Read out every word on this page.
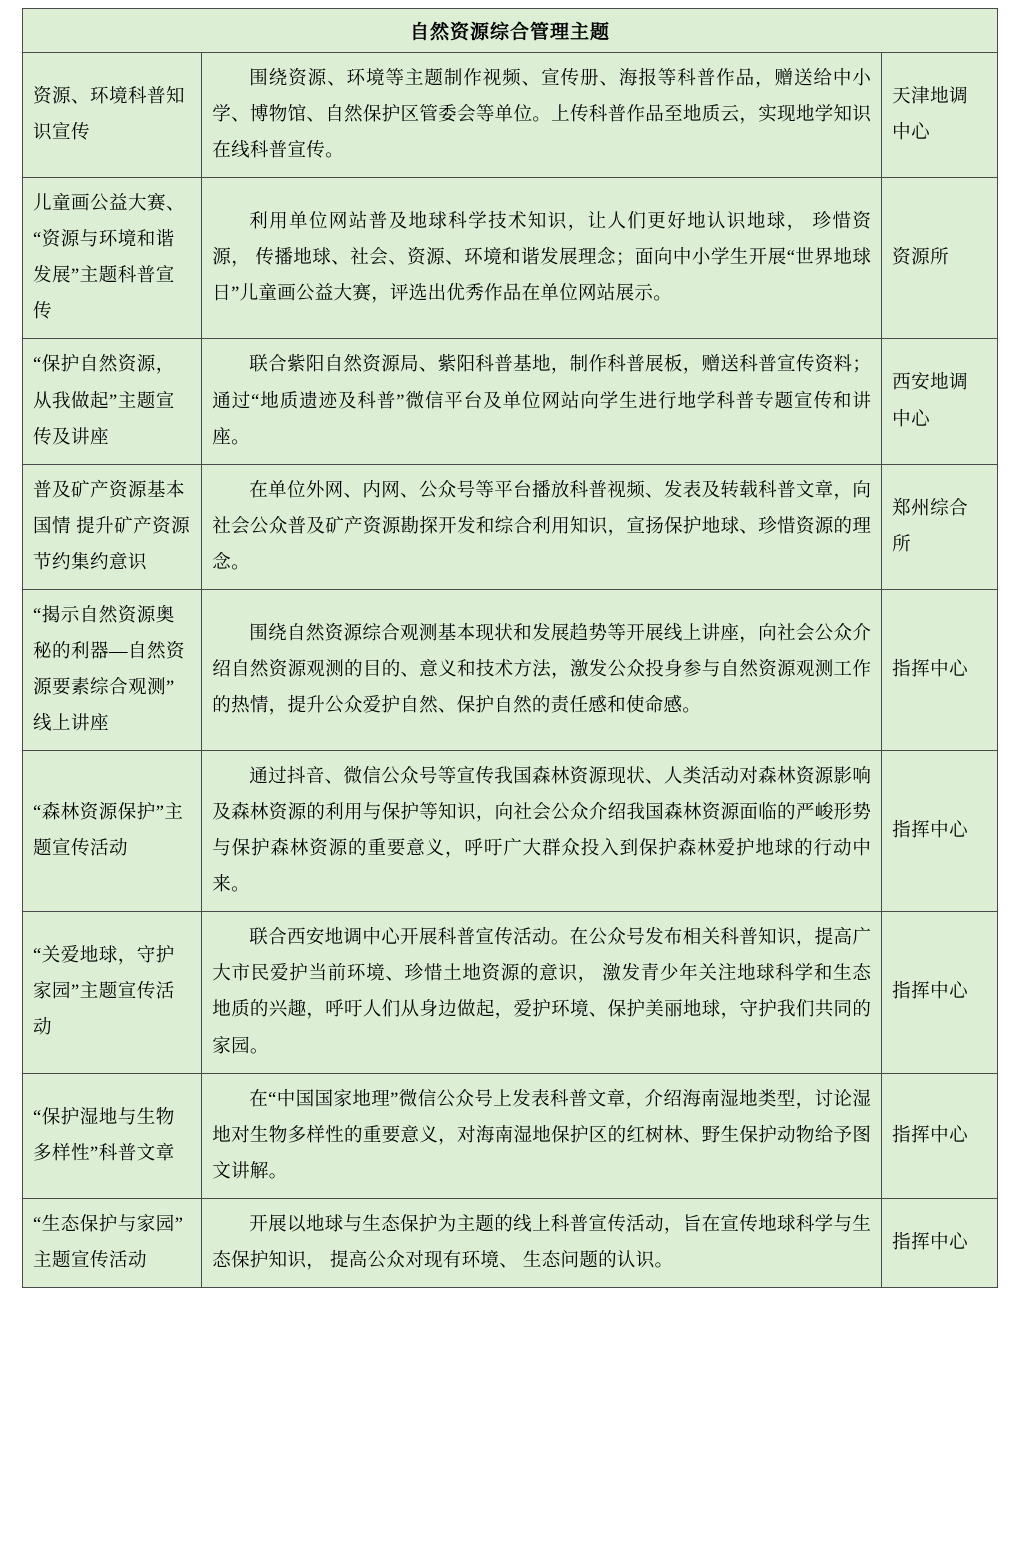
自然资源综合管理主题		
资源、环境科普知识宣传	围绕资源、环境等主题制作视频、宣传册、海报等科普作品，赠送给中小学、博物馆、自然保护区管委会等单位。上传科普作品至地质云，实现地学知识在线科普宣传。	天津地调中心
儿童画公益大赛、“资源与环境和谐发展”主题科普宣传	利用单位网站普及地球科学技术知识，让人们更好地认识地球， 珍惜资源， 传播地球、社会、资源、环境和谐发展理念；面向中小学生开展“世界地球日”儿童画公益大赛，评选出优秀作品在单位网站展示。	资源所
“保护自然资源，从我做起”主题宣传及讲座	联合紫阳自然资源局、紫阳科普基地，制作科普展板，赠送科普宣传资料；通过“地质遗迹及科普”微信平台及单位网站向学生进行地学科普专题宣传和讲座。	西安地调中心
普及矿产资源基本国情 提升矿产资源节约集约意识	在单位外网、内网、公众号等平台播放科普视频、发表及转载科普文章，向社会公众普及矿产资源勘探开发和综合利用知识，宣扬保护地球、珍惜资源的理念。	郑州综合所
“揭示自然资源奥秘的利器—自然资源要素综合观测”线上讲座	围绕自然资源综合观测基本现状和发展趋势等开展线上讲座，向社会公众介绍自然资源观测的目的、意义和技术方法，激发公众投身参与自然资源观测工作的热情，提升公众爱护自然、保护自然的责任感和使命感。	指挥中心
“森林资源保护”主题宣传活动	通过抖音、微信公众号等宣传我国森林资源现状、人类活动对森林资源影响及森林资源的利用与保护等知识，向社会公众介绍我国森林资源面临的严峻形势与保护森林资源的重要意义，呼吁广大群众投入到保护森林爱护地球的行动中来。	指挥中心
“关爱地球，守护家园”主题宣传活动	联合西安地调中心开展科普宣传活动。在公众号发布相关科普知识，提高广大市民爱护当前环境、珍惜土地资源的意识， 激发青少年关注地球科学和生态地质的兴趣，呼吁人们从身边做起，爱护环境、保护美丽地球，守护我们共同的家园。	指挥中心
“保护湿地与生物多样性”科普文章	在“中国国家地理”微信公众号上发表科普文章，介绍海南湿地类型，讨论湿地对生物多样性的重要意义，对海南湿地保护区的红树林、野生保护动物给予图文讲解。	指挥中心
“生态保护与家园”主题宣传活动	开展以地球与生态保护为主题的线上科普宣传活动，旨在宣传地球科学与生态保护知识， 提高公众对现有环境、 生态问题的认识。	指挥中心
